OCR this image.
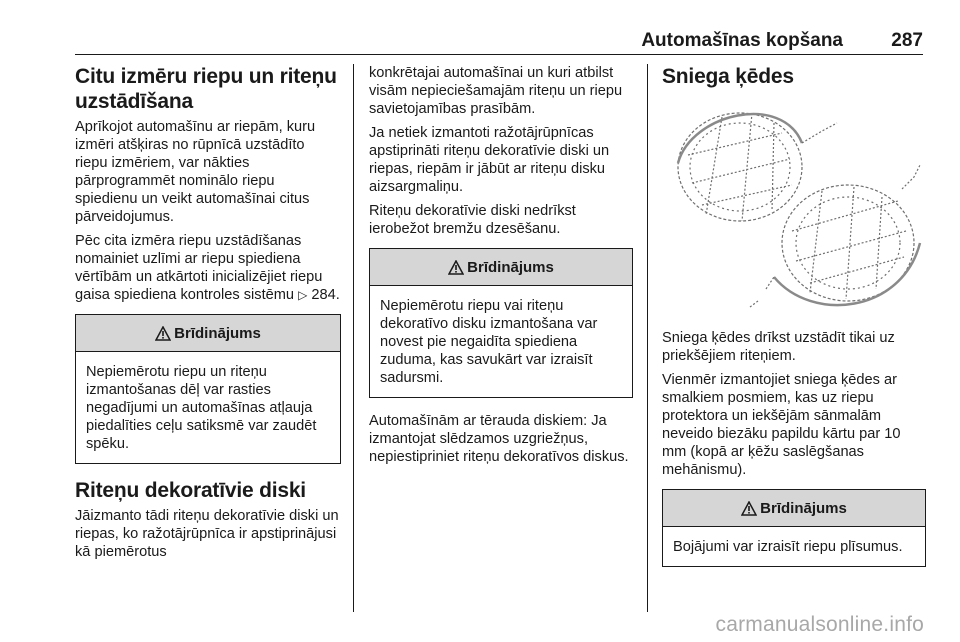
Automašīnas kopšana	287
Citu izmēru riepu un riteņu uzstādīšana

Aprīkojot automašīnu ar riepām, kuru izmēri atšķiras no rūpnīcā uzstādīto riepu izmēriem, var nākties pārprogrammēt nominālo riepu spiedienu un veikt automašīnai citus pārveidojumus.

Pēc cita izmēra riepu uzstādīšanas nomainiet uzlīmi ar riepu spiediena vērtībām un atkārtoti inicializējiet riepu gaisa spiediena kontroles sistēmu ▷ 284.

Brīdinājums
Nepiemērotu riepu un riteņu izmantošanas dēļ var rasties negadījumi un automašīnas atļauja piedalīties ceļu satiksmē var zaudēt spēku.
Riteņu dekoratīvie diski

Jāizmanto tādi riteņu dekoratīvie diski un riepas, ko ražotājrūpnīca ir apstiprinājusi kā piemērotus

konkrētajai automašīnai un kuri atbilst visām nepieciešamajām riteņu un riepu savietojamības prasībām.

Ja netiek izmantoti ražotājrūpnīcas apstiprināti riteņu dekoratīvie diski un riepas, riepām ir jābūt ar riteņu disku aizsargmaliņu.

Riteņu dekoratīvie diski nedrīkst ierobežot bremžu dzesēšanu.

Brīdinājums
Nepiemērotu riepu vai riteņu dekoratīvo disku izmantošana var novest pie negaidīta spiediena zuduma, kas savukārt var izraisīt sadursmi.

Automašīnām ar tērauda diskiem: Ja izmantojat slēdzamos uzgriežņus, nepiestipriniet riteņu dekoratīvos diskus.

Sniega ķēdes

Sniega ķēdes drīkst uzstādīt tikai uz priekšējiem riteņiem.

Vienmēr izmantojiet sniega ķēdes ar smalkiem posmiem, kas uz riepu protektora un iekšējām sānmalām neveido biezāku papildu kārtu par 10 mm (kopā ar ķēžu saslēgšanas mehānismu).

Brīdinājums
Bojājumi var izraisīt riepu plīsumus.
carmanualsonline.info
